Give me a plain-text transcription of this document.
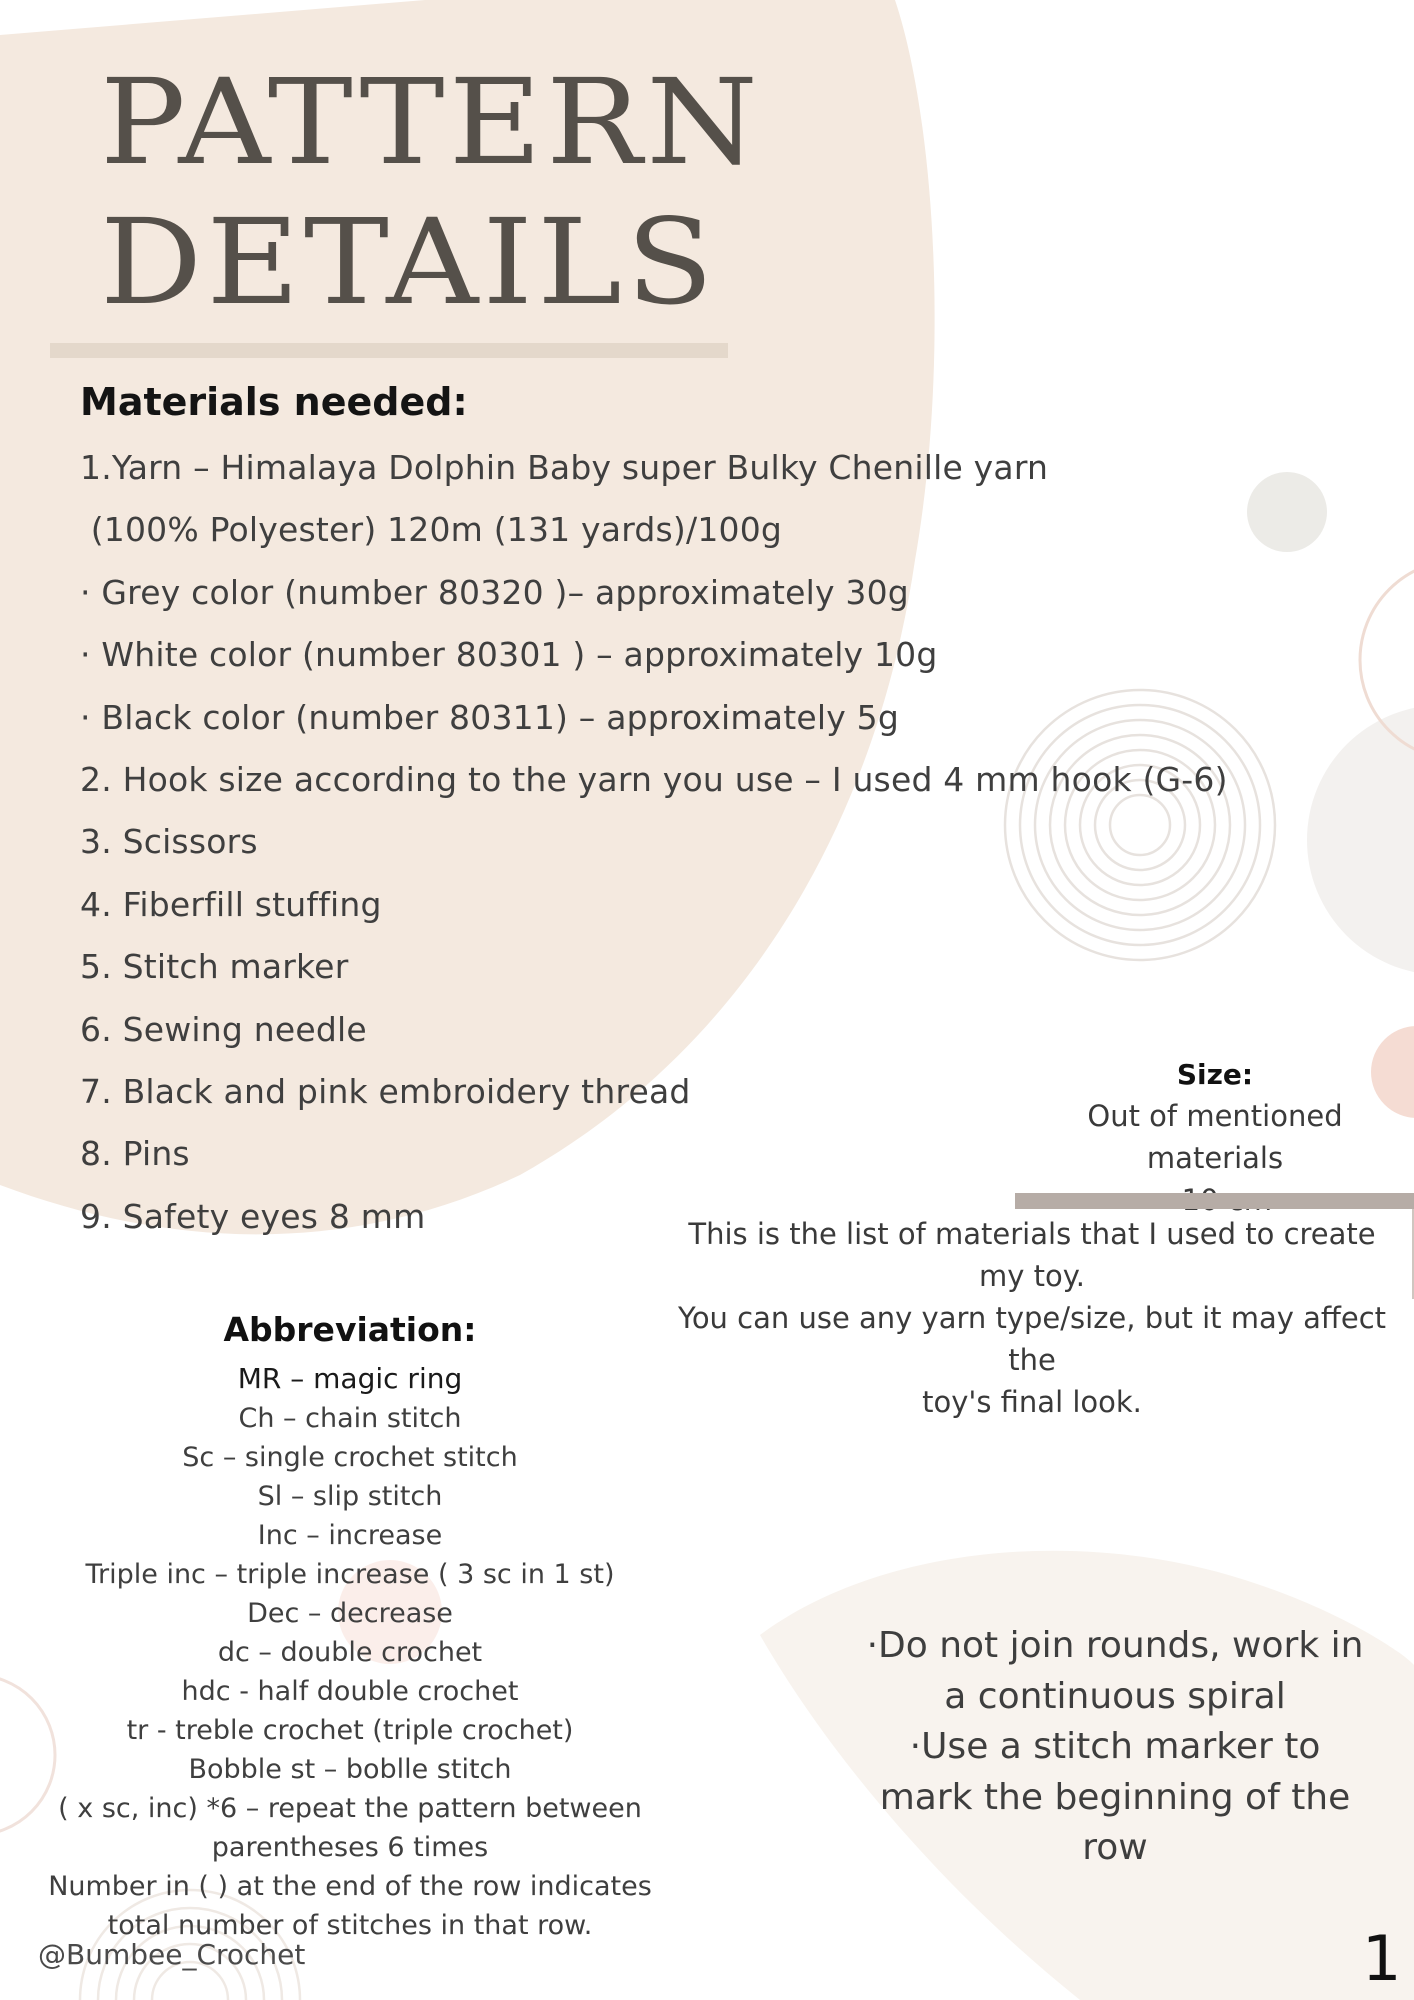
PATTERN
DETAILS
Materials needed:
1.Yarn – Himalaya Dolphin Baby super Bulky Chenille yarn
(100% Polyester) 120m (131 yards)/100g
· Grey color (number 80320 )– approximately 30g
· White color (number 80301 ) – approximately 10g
· Black color (number 80311) – approximately 5g
2. Hook size according to the yarn you use – I used 4 mm hook (G-6)
3. Scissors
4. Fiberfill stuffing
5. Stitch marker
6. Sewing needle
7. Black and pink embroidery thread
8. Pins
9. Safety eyes 8 mm
Size:
Out of mentioned materials

This is the list of materials that I used to create my toy.

You can use any yarn type/size, but it may affect the

toy's final look.

Abbreviation:
MR – magic ring
Ch – chain stitch
Sc – single crochet stitch
Sl – slip stitch
Inc – increase
Triple inc – triple increase ( 3 sc in 1 st)
Dec – decrease
dc – double crochet
hdc - half double crochet
tr - treble crochet (triple crochet)
Bobble st – boblle stitch
( x sc, inc) *6 – repeat the pattern between
parentheses 6 times
Number in ( ) at the end of the row indicates
total number of stitches in that row.

·Do not join rounds, work in

a continuous spiral

·Use a stitch marker to

mark the beginning of the

row

@Bumbee_Crochet	1
